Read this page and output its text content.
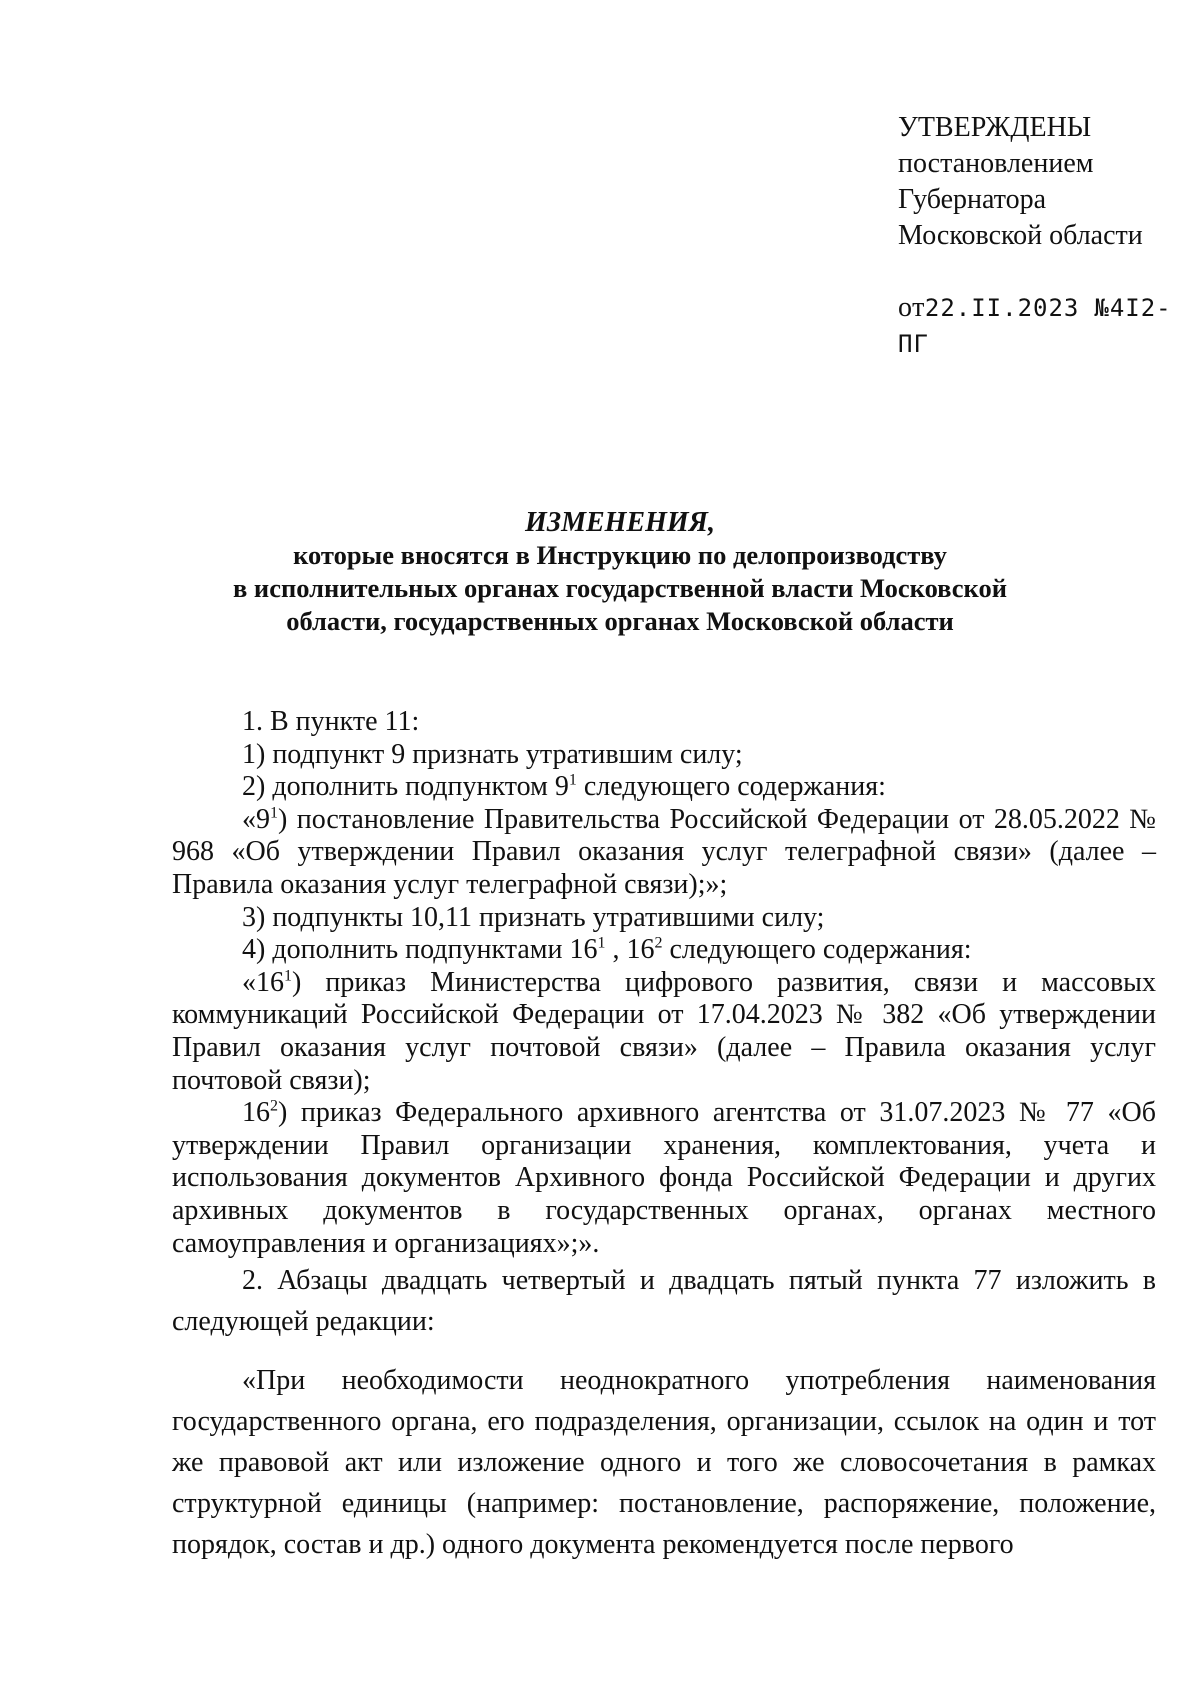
УТВЕРЖДЕНЫ
постановлением
Губернатора
Московской области
от22.II.2023 №4I2-ПГ
ИЗМЕНЕНИЯ,
которые вносятся в Инструкцию по делопроизводству
в исполнительных органах государственной власти Московской
области, государственных органах Московской области

1. В пункте 11:

1) подпункт 9 признать утратившим силу;

2) дополнить подпунктом $9^1$ следующего содержания:

«$9^1$) постановление Правительства Российской Федерации от 28.05.2022 № 968 «Об утверждении Правил оказания услуг телеграфной связи» (далее – Правила оказания услуг телеграфной связи);»;

3) подпункты 10,11 признать утратившими силу;

4) дополнить подпунктами $16^1$ , $16^2$ следующего содержания:

«$16^1$) приказ Министерства цифрового развития, связи и массовых коммуникаций Российской Федерации от 17.04.2023 № 382 «Об утверждении Правил оказания услуг почтовой связи» (далее – Правила оказания услуг почтовой связи);

$16^2$) приказ Федерального архивного агентства от 31.07.2023 № 77 «Об утверждении Правил организации хранения, комплектования, учета и использования документов Архивного фонда Российской Федерации и других архивных документов в государственных органах, органах местного самоуправления и организациях»;».

2. Абзацы двадцать четвертый и двадцать пятый пункта 77 изложить в следующей редакции:

«При необходимости неоднократного употребления наименования государственного органа, его подразделения, организации, ссылок на один и тот же правовой акт или изложение одного и того же словосочетания в рамках структурной единицы (например: постановление, распоряжение, положение, порядок, состав и др.) одного документа рекомендуется после первого
